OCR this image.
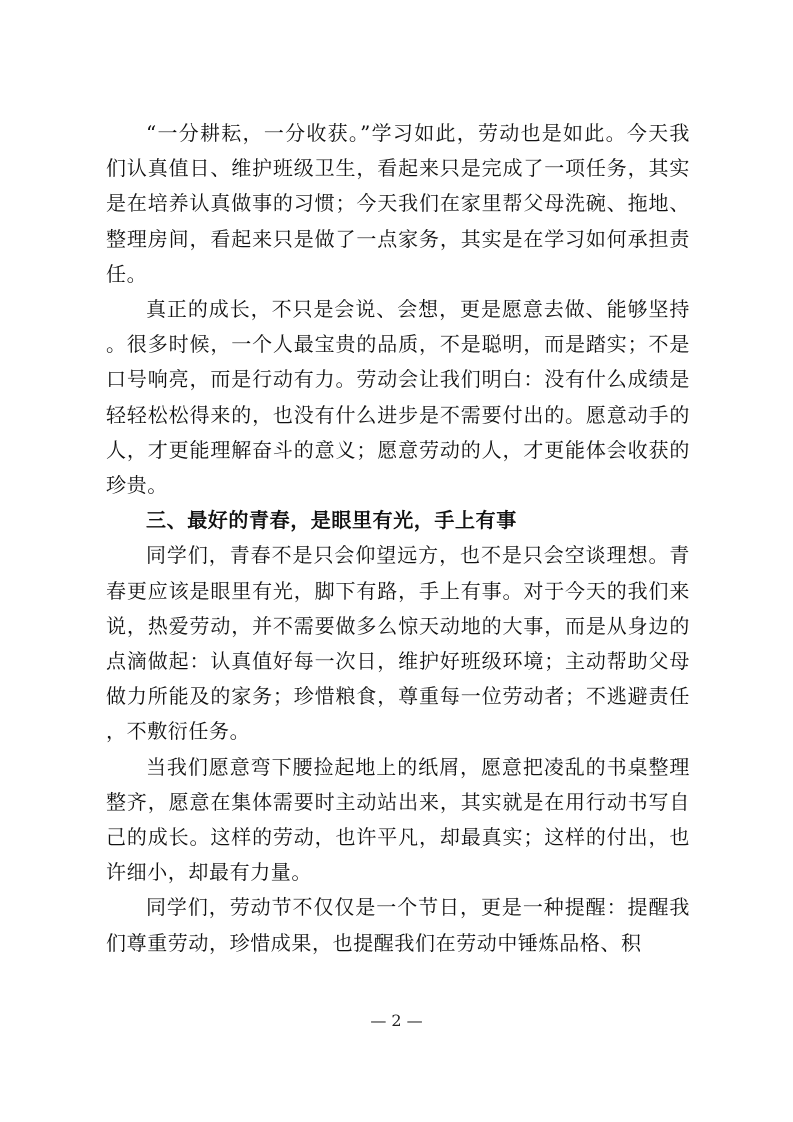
“一分耕耘，一分收获。”学习如此，劳动也是如此。今天我们认真值日、维护班级卫生，看起来只是完成了一项任务，其实是在培养认真做事的习惯；今天我们在家里帮父母洗碗、拖地、整理房间，看起来只是做了一点家务，其实是在学习如何承担责任。

真正的成长，不只是会说、会想，更是愿意去做、能够坚持。很多时候，一个人最宝贵的品质，不是聪明，而是踏实；不是口号响亮，而是行动有力。劳动会让我们明白：没有什么成绩是轻轻松松得来的，也没有什么进步是不需要付出的。愿意动手的人，才更能理解奋斗的意义；愿意劳动的人，才更能体会收获的珍贵。

三、最好的青春，是眼里有光，手上有事

同学们，青春不是只会仰望远方，也不是只会空谈理想。青春更应该是眼里有光，脚下有路，手上有事。对于今天的我们来说，热爱劳动，并不需要做多么惊天动地的大事，而是从身边的点滴做起：认真值好每一次日，维护好班级环境；主动帮助父母做力所能及的家务；珍惜粮食，尊重每一位劳动者；不逃避责任，不敷衍任务。

当我们愿意弯下腰捡起地上的纸屑，愿意把凌乱的书桌整理整齐，愿意在集体需要时主动站出来，其实就是在用行动书写自己的成长。这样的劳动，也许平凡，却最真实；这样的付出，也许细小，却最有力量。

同学们，劳动节不仅仅是一个节日，更是一种提醒：提醒我们尊重劳动，珍惜成果，也提醒我们在劳动中锤炼品格、积

— 2 —
